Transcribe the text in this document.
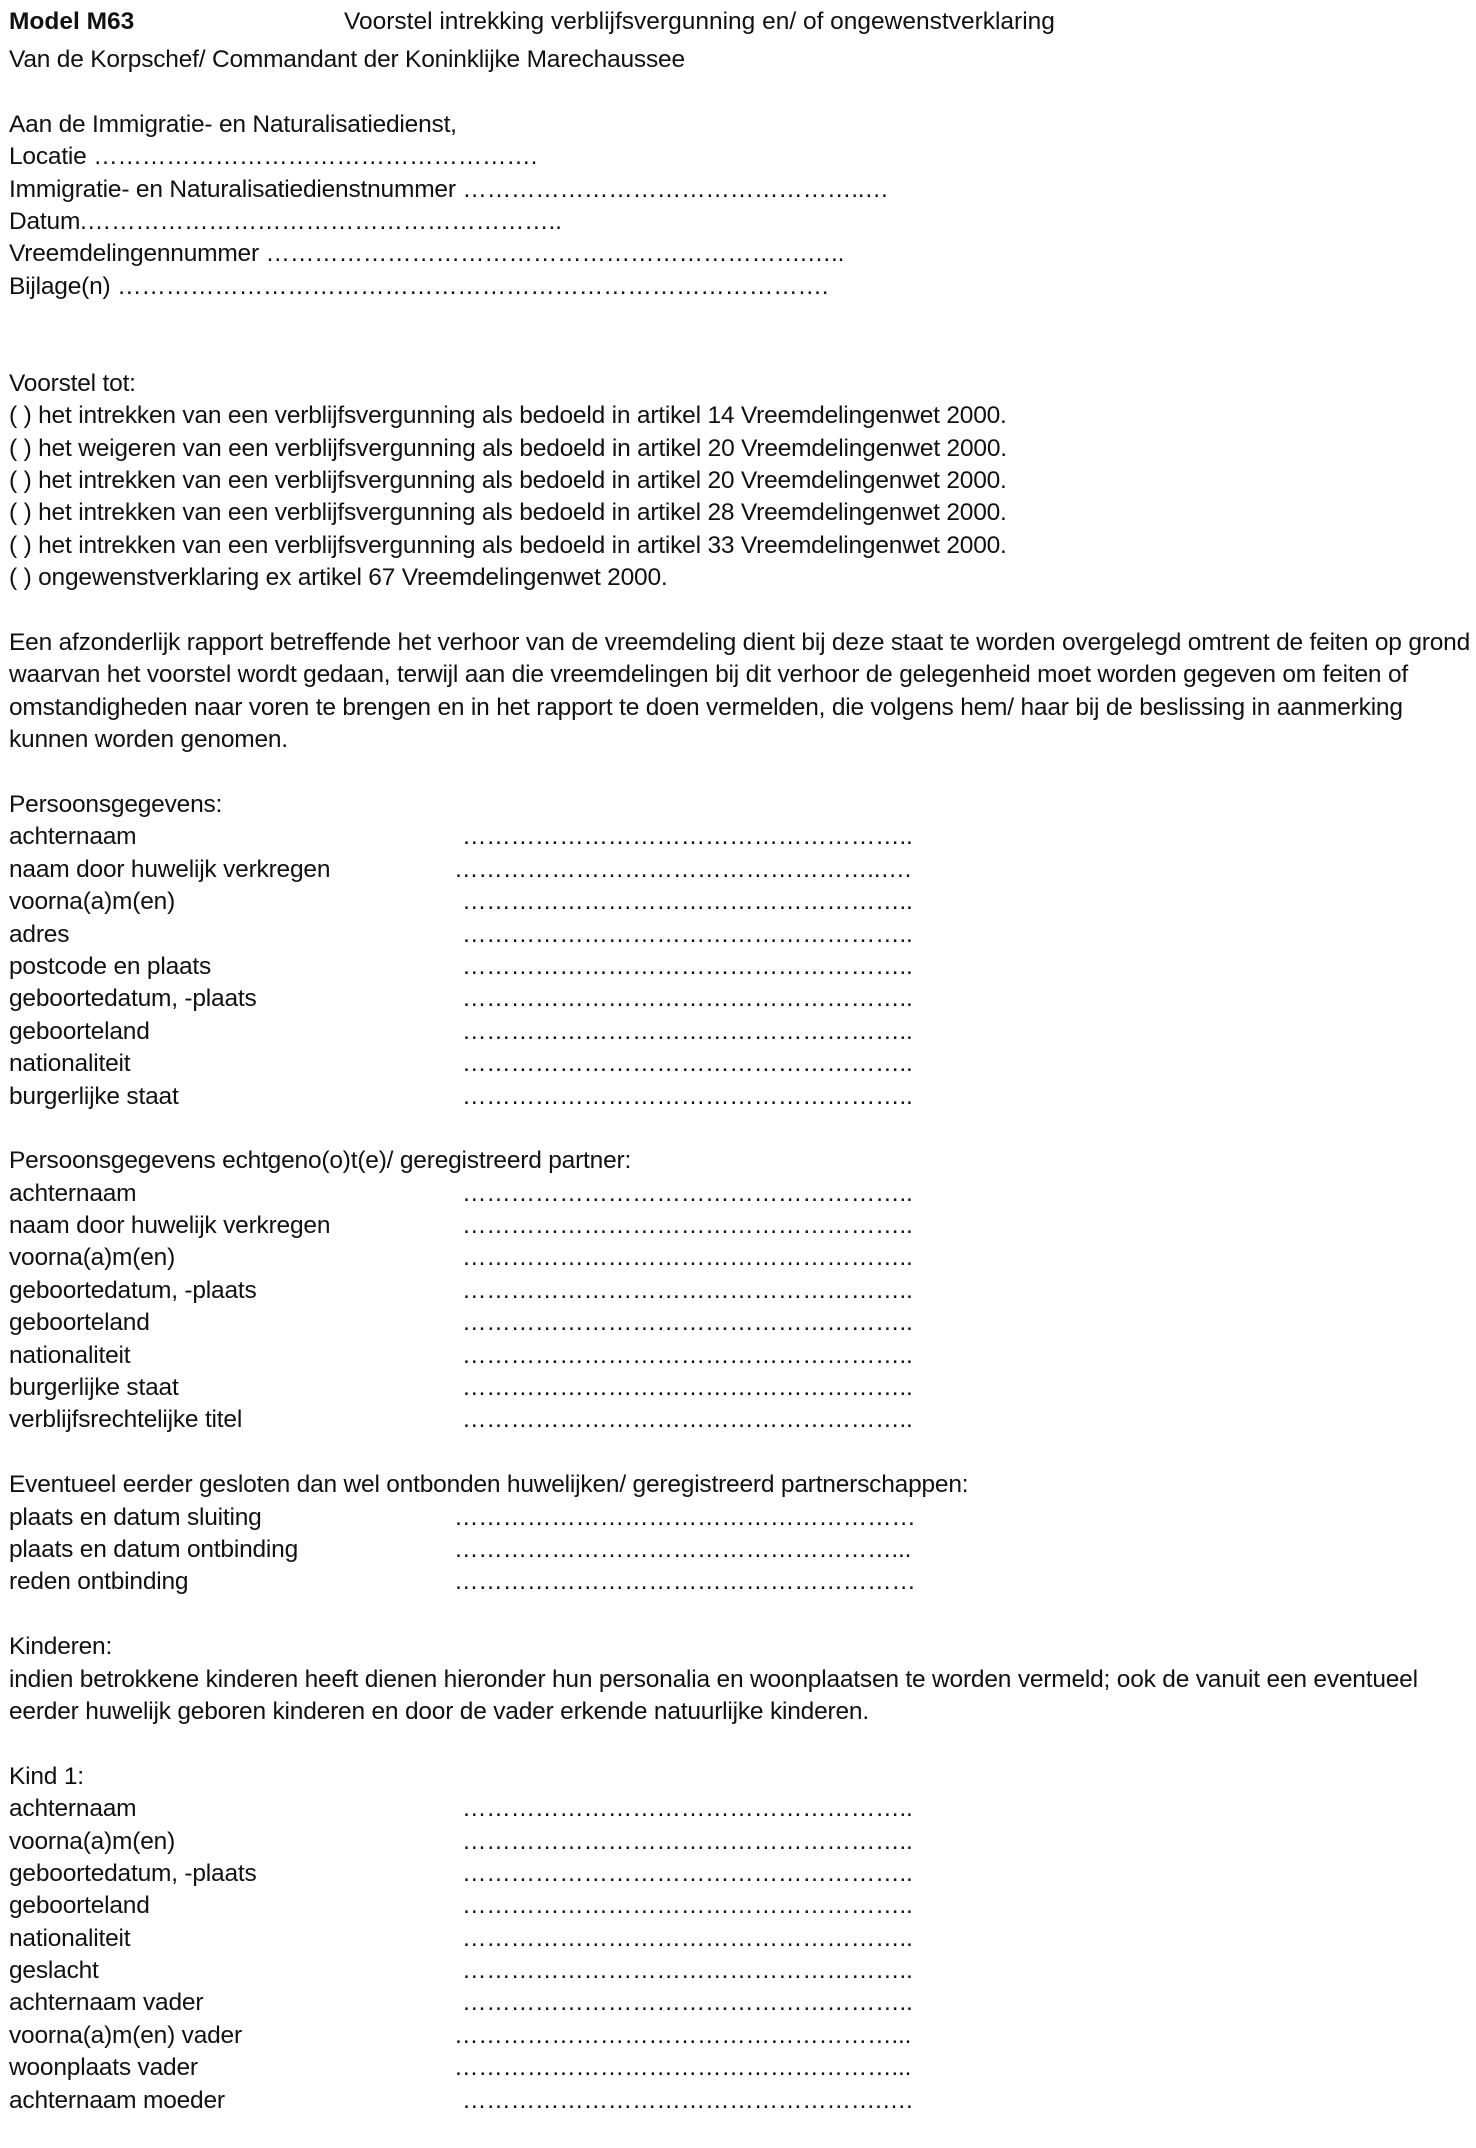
Model M63	Voorstel intrekking verblijfsvergunning en/ of ongewenstverklaring
Van de Korpschef/ Commandant der Koninklijke Marechaussee
Aan de Immigratie- en Naturalisatiedienst,
Locatie ……………………………………………….
Immigratie- en Naturalisatiedienstnummer …………………………………………..…
Datum.…………………………………………………..
Vreemdelingennummer ………………………………………………………….…..
Bijlage(n) …………………………………………………………………………….
Voorstel tot:
( ) het intrekken van een verblijfsvergunning als bedoeld in artikel 14 Vreemdelingenwet 2000.
( ) het weigeren van een verblijfsvergunning als bedoeld in artikel 20 Vreemdelingenwet 2000.
( ) het intrekken van een verblijfsvergunning als bedoeld in artikel 20 Vreemdelingenwet 2000.
( ) het intrekken van een verblijfsvergunning als bedoeld in artikel 28 Vreemdelingenwet 2000.
( ) het intrekken van een verblijfsvergunning als bedoeld in artikel 33 Vreemdelingenwet 2000.
( ) ongewenstverklaring ex artikel 67 Vreemdelingenwet 2000.
Een afzonderlijk rapport betreffende het verhoor van de vreemdeling dient bij deze staat te worden overgelegd omtrent de feiten op grond
waarvan het voorstel wordt gedaan, terwijl aan die vreemdelingen bij dit verhoor de gelegenheid moet worden gegeven om feiten of
omstandigheden naar voren te brengen en in het rapport te doen vermelden, die volgens hem/ haar bij de beslissing in aanmerking
kunnen worden genomen.
Persoonsgegevens:
achternaam	………………………………………………..
naam door huwelijk verkregen	……………………………………………..….
voorna(a)m(en)	………………………………………………..
adres	………………………………………………..
postcode en plaats	………………………………………………..
geboortedatum, -plaats	………………………………………………..
geboorteland	………………………………………………..
nationaliteit	………………………………………………..
burgerlijke staat	………………………………………………..
Persoonsgegevens echtgeno(o)t(e)/ geregistreerd partner:
achternaam	………………………………………………..
naam door huwelijk verkregen	………………………………………………..
voorna(a)m(en)	………………………………………………..
geboortedatum, -plaats	………………………………………………..
geboorteland	………………………………………………..
nationaliteit	………………………………………………..
burgerlijke staat	………………………………………………..
verblijfsrechtelijke titel	………………………………………………..
Eventueel eerder gesloten dan wel ontbonden huwelijken/ geregistreerd partnerschappen:
plaats en datum sluiting	…………………………………………………
plaats en datum ontbinding	………………………………………………...
reden ontbinding	…………………………………………………
Kinderen:
indien betrokkene kinderen heeft dienen hieronder hun personalia en woonplaatsen te worden vermeld; ook de vanuit een eventueel
eerder huwelijk geboren kinderen en door de vader erkende natuurlijke kinderen.
Kind 1:
achternaam	………………………………………………..
voorna(a)m(en)	………………………………………………..
geboortedatum, -plaats	………………………………………………..
geboorteland	………………………………………………..
nationaliteit	………………………………………………..
geslacht	………………………………………………..
achternaam vader	………………………………………………..
voorna(a)m(en) vader	………………………………………………...
woonplaats vader	………………………………………………...
achternaam moeder	…………………………………………….….
